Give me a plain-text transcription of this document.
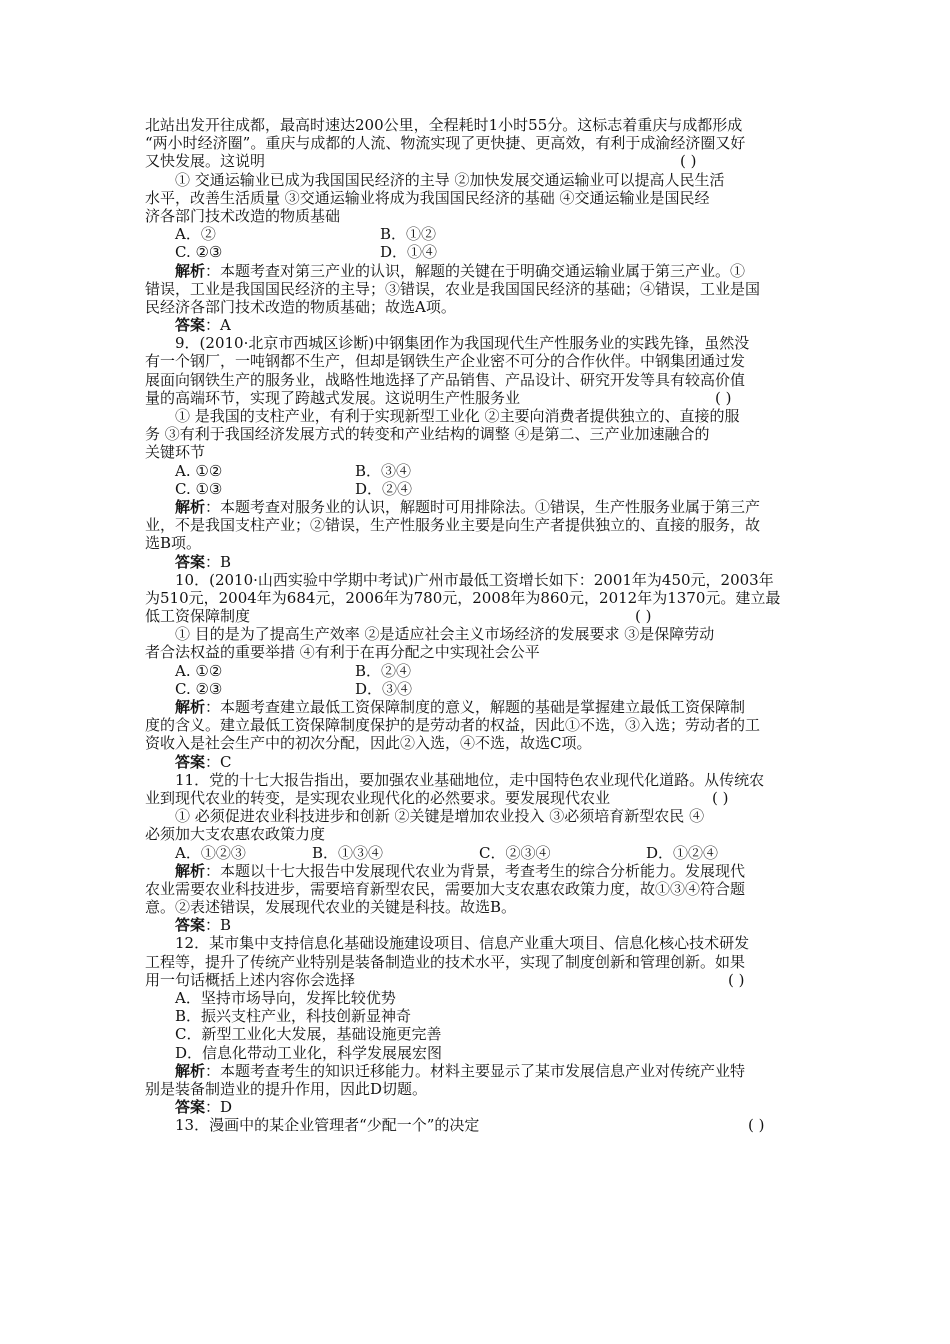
北站出发开往成都，最高时速达200公里，全程耗时1小时55分。这标志着重庆与成都形成
“两小时经济圈”。重庆与成都的人流、物流实现了更快捷、更高效，有利于成渝经济圈又好
又快发展。这说明	( )
① 交通运输业已成为我国国民经济的主导 ②加快发展交通运输业可以提高人民生活
水平，改善生活质量 ③交通运输业将成为我国国民经济的基础 ④交通运输业是国民经
济各部门技术改造的物质基础
A．②	B．①②
C. ②③	D．①④
解析：本题考查对第三产业的认识，解题的关键在于明确交通运输业属于第三产业。①
错误，工业是我国国民经济的主导；③错误，农业是我国国民经济的基础；④错误，工业是国
民经济各部门技术改造的物质基础；故选A项。
答案：A
9．(2010·北京市西城区诊断)中钢集团作为我国现代生产性服务业的实践先锋，虽然没
有一个钢厂，一吨钢都不生产，但却是钢铁生产企业密不可分的合作伙伴。中钢集团通过发
展面向钢铁生产的服务业，战略性地选择了产品销售、产品设计、研究开发等具有较高价值
量的高端环节，实现了跨越式发展。这说明生产性服务业	( )
① 是我国的支柱产业，有利于实现新型工业化 ②主要向消费者提供独立的、直接的服
务 ③有利于我国经济发展方式的转变和产业结构的调整 ④是第二、三产业加速融合的
关键环节
A. ①②	B．③④
C. ①③	D．②④
解析：本题考查对服务业的认识，解题时可用排除法。①错误，生产性服务业属于第三产
业，不是我国支柱产业；②错误，生产性服务业主要是向生产者提供独立的、直接的服务，故
选B项。
答案：B
10．(2010·山西实验中学期中考试)广州市最低工资增长如下：2001年为450元，2003年
为510元，2004年为684元，2006年为780元，2008年为860元，2012年为1370元。建立最
低工资保障制度	( )
① 目的是为了提高生产效率 ②是适应社会主义市场经济的发展要求 ③是保障劳动
者合法权益的重要举措 ④有利于在再分配之中实现社会公平
A. ①②	B．②④
C. ②③	D．③④
解析：本题考查建立最低工资保障制度的意义，解题的基础是掌握建立最低工资保障制
度的含义。建立最低工资保障制度保护的是劳动者的权益，因此①不选，③入选；劳动者的工
资收入是社会生产中的初次分配，因此②入选，④不选，故选C项。
答案：C
11．党的十七大报告指出，要加强农业基础地位，走中国特色农业现代化道路。从传统农
业到现代农业的转变，是实现农业现代化的必然要求。要发展现代农业	( )
① 必须促进农业科技进步和创新 ②关键是增加农业投入 ③必须培育新型农民 ④
必须加大支农惠农政策力度
A．①②③	B．①③④	C．②③④	D．①②④
解析：本题以十七大报告中发展现代农业为背景，考查考生的综合分析能力。发展现代
农业需要农业科技进步，需要培育新型农民，需要加大支农惠农政策力度，故①③④符合题
意。②表述错误，发展现代农业的关键是科技。故选B。
答案：B
12．某市集中支持信息化基础设施建设项目、信息产业重大项目、信息化核心技术研发
工程等，提升了传统产业特别是装备制造业的技术水平，实现了制度创新和管理创新。如果
用一句话概括上述内容你会选择	( )
A．坚持市场导向，发挥比较优势
B．振兴支柱产业，科技创新显神奇
C．新型工业化大发展，基础设施更完善
D．信息化带动工业化，科学发展展宏图
解析：本题考查考生的知识迁移能力。材料主要显示了某市发展信息产业对传统产业特
别是装备制造业的提升作用，因此D切题。
答案：D
13．漫画中的某企业管理者“少配一个”的决定	( )
